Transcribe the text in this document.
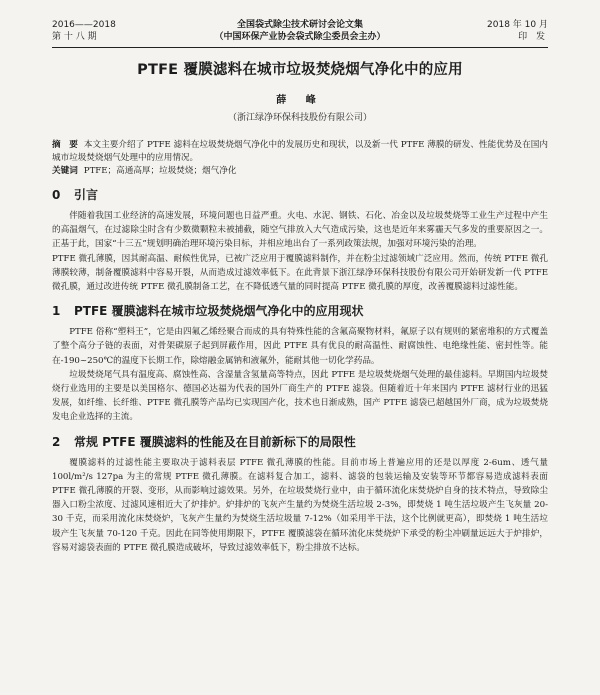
2016——2018
第 十 八 期
全国袋式除尘技术研讨会论文集
（中国环保产业协会袋式除尘委员会主办）
2018 年 10 月
印 发
PTFE 覆膜滤料在城市垃圾焚烧烟气净化中的应用
薛 峰
（浙江绿净环保科技股份有限公司）
摘　要 本文主要介绍了 PTFE 滤料在垃圾焚烧烟气净化中的发展历史和现状，以及新一代 PTFE 薄膜的研发、性能优势及在国内城市垃圾焚烧烟气处理中的应用情况。
关键词 PTFE；高通高厚；垃圾焚烧；烟气净化
0 引言

伴随着我国工业经济的高速发展，环境问题也日益严重。火电、水泥、钢铁、石化、冶金以及垃圾焚烧等工业生产过程中产生的高温烟气，在过滤除尘时含有少数微颗粒未被捕截，随空气排放入大气造成污染，这也是近年来雾霾天气多发的重要原因之一。正基于此，国家“十三五”规划明确治理环境污染目标，并相应地出台了一系列政策法规，加强对环境污染的治理。

PTFE 微孔薄膜，因其耐高温、耐候性优异，已被广泛应用于覆膜滤料制作，并在粉尘过滤领域广泛应用。然而，传统 PTFE 微孔薄膜较薄，制备覆膜滤料中容易开裂，从而造成过滤效率低下。在此背景下浙江绿净环保科技股份有限公司开始研发新一代 PTFE 微孔膜，通过改进传统 PTFE 微孔膜制备工艺，在不降低透气量的同时提高 PTFE 微孔膜的厚度，改善覆膜滤料过滤性能。

1 PTFE 覆膜滤料在城市垃圾焚烧烟气净化中的应用现状

PTFE 俗称“塑料王”，它是由四氟乙烯经聚合而成的具有特殊性能的含氟高聚物材料，氟原子以有规则的紧密堆积的方式覆盖了整个高分子链的表面，对骨架碳原子起到屏蔽作用，因此 PTFE 具有优良的耐高温性、耐腐蚀性、电绝缘性能、密封性等。能在-190~250℃的温度下长期工作，除熔融金属钠和液氟外，能耐其他一切化学药品。

垃圾焚烧尾气具有温度高、腐蚀性高、含湿量含氢量高等特点，因此 PTFE 是垃圾焚烧烟气处理的最佳滤料。早期国内垃圾焚烧行业选用的主要是以美国格尔、德国必达福为代表的国外厂商生产的 PTFE 滤袋。但随着近十年来国内 PTFE 滤材行业的迅猛发展，如纤维、长纤维、PTFE 微孔膜等产品均已实现国产化，技术也日渐成熟，国产 PTFE 滤袋已超越国外厂商，成为垃圾焚烧发电企业选择的主流。

2 常规 PTFE 覆膜滤料的性能及在目前新标下的局限性

覆膜滤料的过滤性能主要取决于滤料表层 PTFE 微孔薄膜的性能。目前市场上普遍应用的还是以厚度 2-6um、透气量 100l/m²/s 127pa 为主的常规 PTFE 微孔薄膜。在滤料复合加工，滤料、滤袋的包装运输及安装等环节都容易造成滤料表面 PTFE 微孔薄膜的开裂、变形，从而影响过滤效果。另外，在垃圾焚烧行业中，由于循环流化床焚烧炉自身的技术特点，导致除尘器入口粉尘浓度、过滤风速相近大了炉排炉。炉排炉的飞灰产生量约为焚烧生活垃圾 2-3%，即焚烧 1 吨生活垃圾产生飞灰量 20-30 千克，而采用流化床焚烧炉，飞灰产生量约为焚烧生活垃圾量 7-12%（如采用半干法，这个比例就更高），即焚烧 1 吨生活垃圾产生飞灰量 70-120 千克。因此在同等使用期限下，PTFE 覆膜滤袋在循环流化床焚烧炉下承受的粉尘冲刷量远远大于炉排炉，容易对滤袋表面的 PTFE 微孔膜造成破坏，导致过滤效率低下，粉尘排放不达标。
